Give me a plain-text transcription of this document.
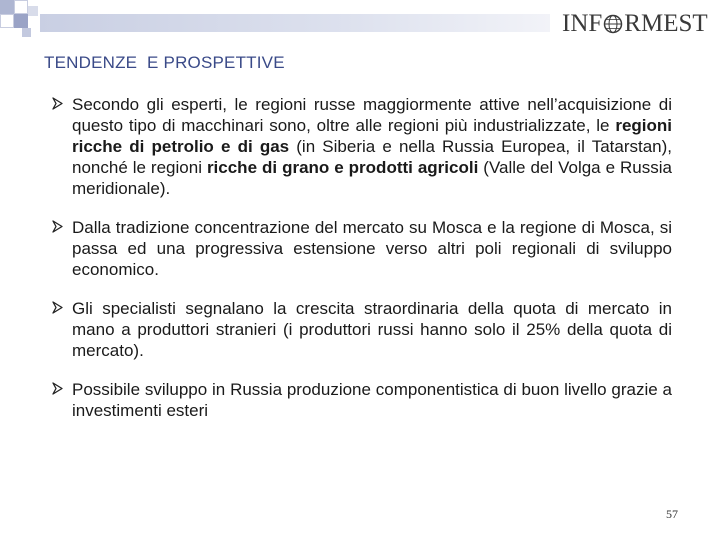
INF RMEST
TENDENZE  E PROSPETTIVE
Secondo gli esperti, le regioni russe maggiormente attive nell’acquisizione di questo tipo di macchinari sono, oltre alle regioni più industrializzate, le regioni ricche di petrolio e di gas (in Siberia e nella Russia Europea, il Tatarstan), nonché le regioni ricche di grano e prodotti agricoli (Valle del Volga e Russia meridionale).
Dalla tradizione concentrazione del mercato su Mosca e la regione di Mosca, si passa ed una progressiva estensione verso altri poli regionali di sviluppo economico.
Gli specialisti segnalano la crescita straordinaria della quota di mercato in mano a produttori stranieri (i produttori russi hanno solo il 25% della quota di mercato).
Possibile sviluppo in Russia produzione componentistica di buon livello grazie a investimenti esteri
57
